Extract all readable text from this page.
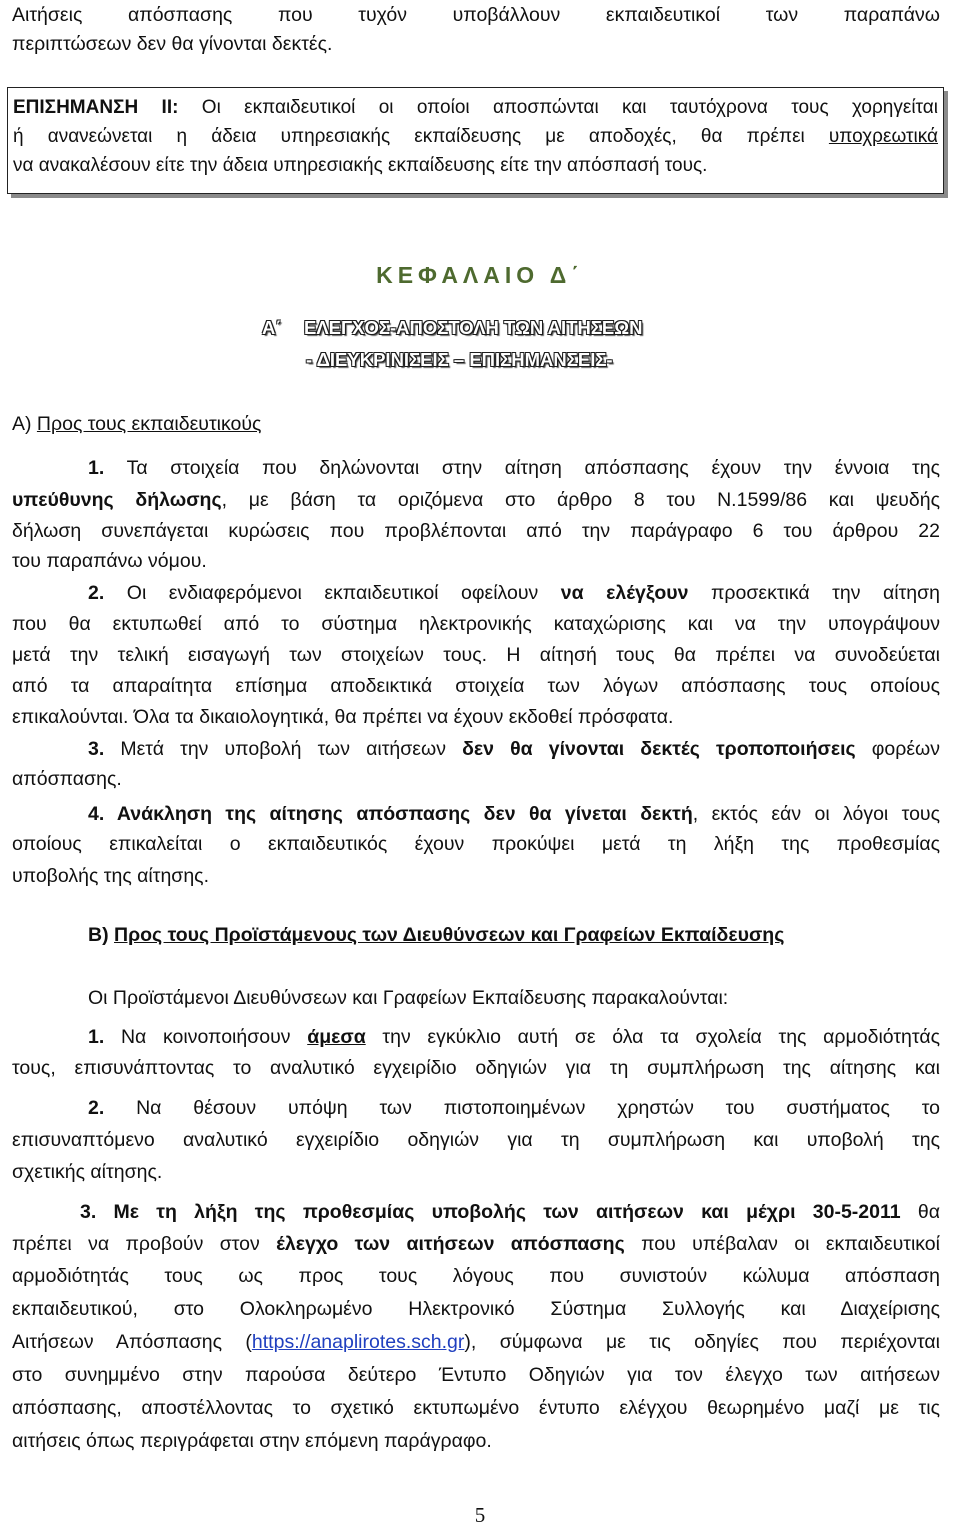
Αιτήσεις απόσπασης που τυχόν υποβάλλουν εκπαιδευτικοί των παραπάνω
περιπτώσεων δεν θα γίνονται δεκτές.
ΕΠΙΣΗΜΑΝΣΗ ΙΙ: Οι εκπαιδευτικοί οι οποίοι αποσπώνται και ταυτόχρονα τους χορηγείται
ή ανανεώνεται η άδεια υπηρεσιακής εκπαίδευσης με αποδοχές, θα πρέπει υποχρεωτικά
να ανακαλέσουν είτε την άδεια υπηρεσιακής εκπαίδευσης είτε την απόσπασή τους.
ΚΕΦΑΛΑΙΟ Δ΄
Α΄ ΕΛΕΓΧΟΣ-ΑΠΟΣΤΟΛΗ ΤΩΝ ΑΙΤΗΣΕΩΝ
- ΔΙΕΥΚΡΙΝΙΣΕΙΣ – ΕΠΙΣΗΜΑΝΣΕΙΣ-
Α) Προς τους εκπαιδευτικούς
1. Τα στοιχεία που δηλώνονται στην αίτηση απόσπασης έχουν την έννοια της
υπεύθυνης δήλωσης, με βάση τα οριζόμενα στο άρθρο 8 του Ν.1599/86 και ψευδής
δήλωση συνεπάγεται κυρώσεις που προβλέπονται από την παράγραφο 6 του άρθρου 22
του παραπάνω νόμου.
2. Οι ενδιαφερόμενοι εκπαιδευτικοί οφείλουν να ελέγξουν προσεκτικά την αίτηση
που θα εκτυπωθεί από το σύστημα ηλεκτρονικής καταχώρισης και να την υπογράψουν
μετά την τελική εισαγωγή των στοιχείων τους. Η αίτησή τους θα πρέπει να συνοδεύεται
από τα απαραίτητα επίσημα αποδεικτικά στοιχεία των λόγων απόσπασης τους οποίους
επικαλούνται. Όλα τα δικαιολογητικά, θα πρέπει να έχουν εκδοθεί πρόσφατα.
3. Μετά την υποβολή των αιτήσεων δεν θα γίνονται δεκτές τροποποιήσεις φορέων
απόσπασης.
4. Ανάκληση της αίτησης απόσπασης δεν θα γίνεται δεκτή, εκτός εάν οι λόγοι τους
οποίους επικαλείται ο εκπαιδευτικός έχουν προκύψει μετά τη λήξη της προθεσμίας
υποβολής της αίτησης.
Β) Προς τους Προϊστάμενους των Διευθύνσεων και Γραφείων Εκπαίδευσης
Οι Προϊστάμενοι Διευθύνσεων και Γραφείων Εκπαίδευσης παρακαλούνται:
1. Να κοινοποιήσουν άμεσα την εγκύκλιο αυτή σε όλα τα σχολεία της αρμοδιότητάς
τους, επισυνάπτοντας το αναλυτικό εγχειρίδιο οδηγιών για τη συμπλήρωση της αίτησης και
2. Να θέσουν υπόψη των πιστοποιημένων χρηστών του συστήματος το
επισυναπτόμενο αναλυτικό εγχειρίδιο οδηγιών για τη συμπλήρωση και υποβολή της
σχετικής αίτησης.
3. Με τη λήξη της προθεσμίας υποβολής των αιτήσεων και μέχρι 30-5-2011 θα
πρέπει να προβούν στον έλεγχο των αιτήσεων απόσπασης που υπέβαλαν οι εκπαιδευτικοί
αρμοδιότητάς τους ως προς τους λόγους που συνιστούν κώλυμα απόσπαση
εκπαιδευτικού, στο Ολοκληρωμένο Ηλεκτρονικό Σύστημα Συλλογής και Διαχείρισης
Αιτήσεων Απόσπασης (https://anaplirotes.sch.gr), σύμφωνα με τις οδηγίες που περιέχονται
στο συνημμένο στην παρούσα δεύτερο Έντυπο Οδηγιών για τον έλεγχο των αιτήσεων
απόσπασης, αποστέλλοντας το σχετικό εκτυπωμένο έντυπο ελέγχου θεωρημένο μαζί με τις
αιτήσεις όπως περιγράφεται στην επόμενη παράγραφο.
5
